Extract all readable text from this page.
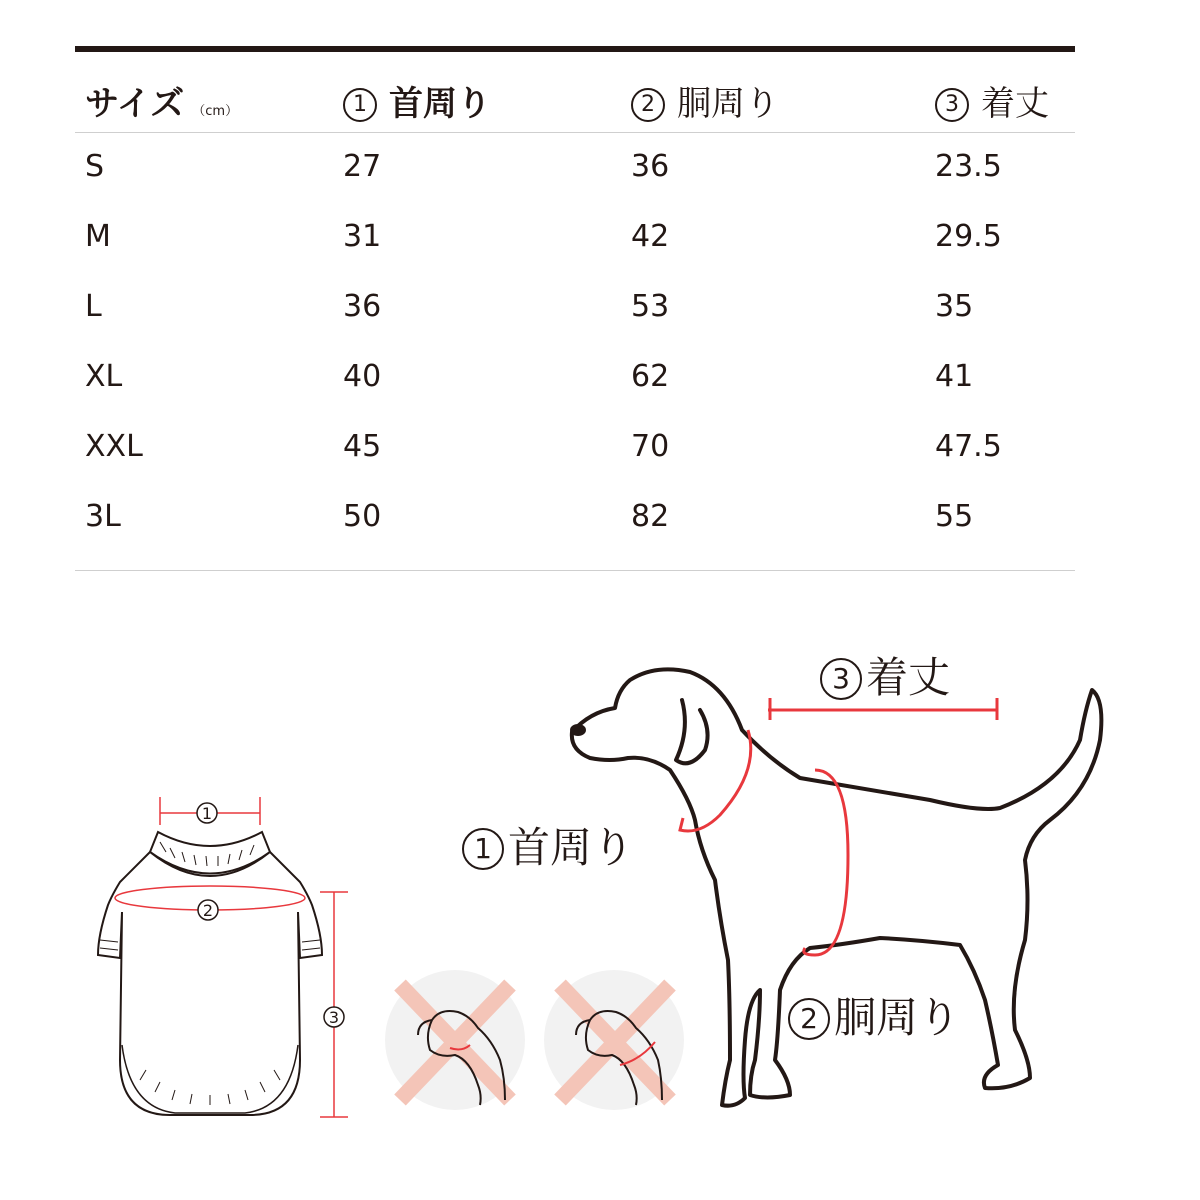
サイズ （cm）	1 首周り	2 胴周り	3 着丈
S	27	36	23.5
M	31	42	29.5
L	36	53	35
XL	40	62	41
XXL	45	70	47.5
3L	50	82	55
1
2
3
3 着丈
1 首周り
2 胴周り
